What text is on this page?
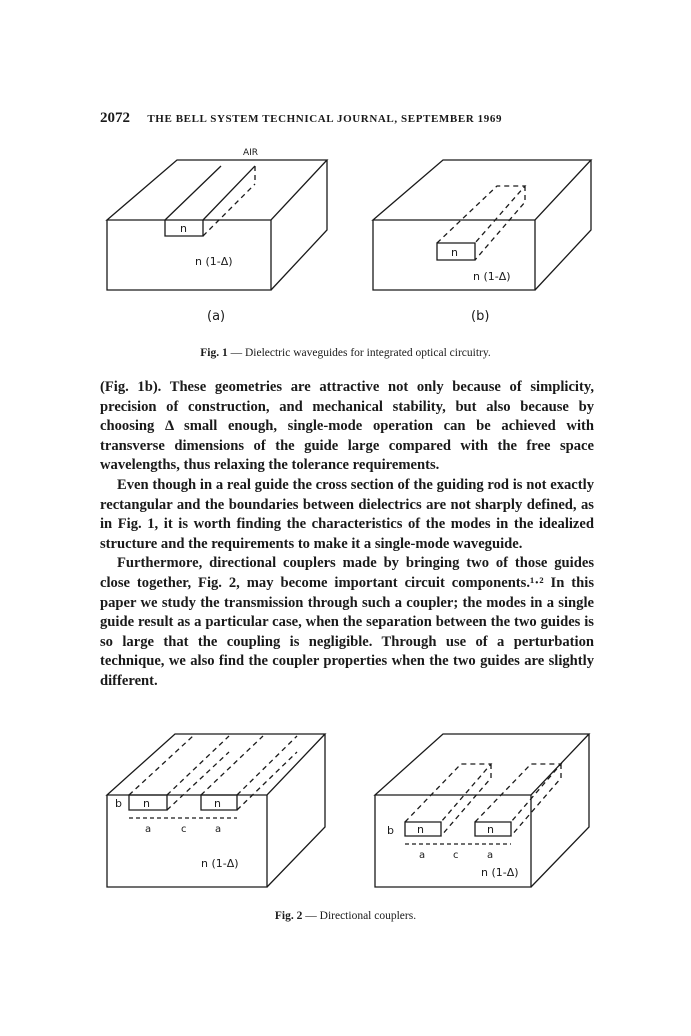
2072 THE BELL SYSTEM TECHNICAL JOURNAL, SEPTEMBER 1969
n
AIR
n (1-Δ)
n
n (1-Δ)
(a)	(b)
Fig. 1 — Dielectric waveguides for integrated optical circuitry.

(Fig. 1b). These geometries are attractive not only because of simplicity, precision of construction, and mechanical stability, but also because by choosing Δ small enough, single-mode operation can be achieved with transverse dimensions of the guide large compared with the free space wavelengths, thus relaxing the tolerance requirements.

Even though in a real guide the cross section of the guiding rod is not exactly rectangular and the boundaries between dielectrics are not sharply defined, as in Fig. 1, it is worth finding the characteristics of the modes in the idealized structure and the requirements to make it a single-mode waveguide.

Furthermore, directional couplers made by bringing two of those guides close together, Fig. 2, may become important circuit components.¹·² In this paper we study the transmission through such a coupler; the modes in a single guide result as a particular case, when the separation between the two guides is so large that the coupling is negligible. Through use of a perturbation technique, we also find the coupler properties when the two guides are slightly different.

b n	n
a	c	a
n (1-Δ)
b n	n
a	c	a
n (1-Δ)
Fig. 2 — Directional couplers.
